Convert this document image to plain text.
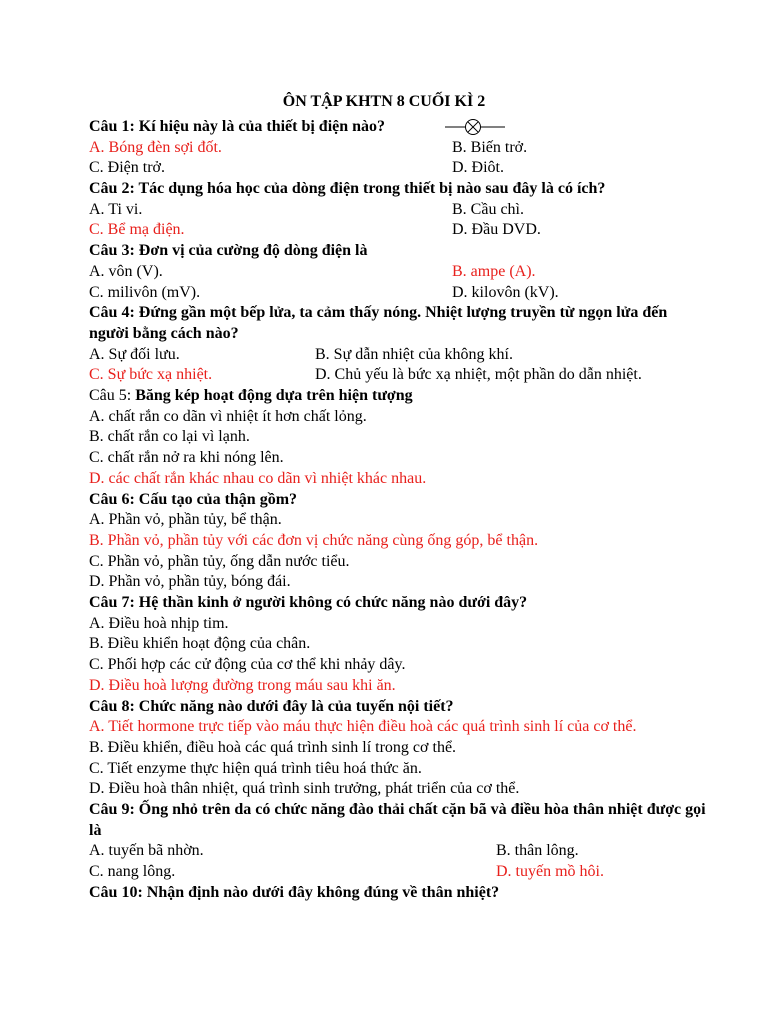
ÔN TẬP KHTN 8 CUỐI KÌ 2
Câu 1: Kí hiệu này là của thiết bị điện nào?
A. Bóng đèn sợi đốt.	B. Biến trở.
C. Điện trở.	D. Điôt.
Câu 2: Tác dụng hóa học của dòng điện trong thiết bị nào sau đây là có ích?
A. Ti vi.	B. Cầu chì.
C. Bể mạ điện.	D. Đầu DVD.
Câu 3: Đơn vị của cường độ dòng điện là
A. vôn (V).	B. ampe (A).
C. milivôn (mV).	D. kilovôn (kV).
Câu 4: Đứng gần một bếp lửa, ta cảm thấy nóng. Nhiệt lượng truyền từ ngọn lửa đến người bằng cách nào?
A. Sự đối lưu.	B. Sự dẫn nhiệt của không khí.
C. Sự bức xạ nhiệt.	D. Chủ yếu là bức xạ nhiệt, một phần do dẫn nhiệt.
Câu 5: Băng kép hoạt động dựa trên hiện tượng
A. chất rắn co dãn vì nhiệt ít hơn chất lỏng.
B. chất rắn co lại vì lạnh.
C. chất rắn nở ra khi nóng lên.
D. các chất rắn khác nhau co dãn vì nhiệt khác nhau.
Câu 6: Cấu tạo của thận gồm?
A. Phần vỏ, phần tủy, bể thận.
B. Phần vỏ, phần tủy với các đơn vị chức năng cùng ống góp, bể thận.
C. Phần vỏ, phần tủy, ống dẫn nước tiểu.
D. Phần vỏ, phần tủy, bóng đái.
Câu 7: Hệ thần kinh ở người không có chức năng nào dưới đây?
A. Điều hoà nhịp tim.
B. Điều khiển hoạt động của chân.
C. Phối hợp các cử động của cơ thể khi nhảy dây.
D. Điều hoà lượng đường trong máu sau khi ăn.
Câu 8: Chức năng nào dưới đây là của tuyến nội tiết?
A. Tiết hormone trực tiếp vào máu thực hiện điều hoà các quá trình sinh lí của cơ thể.
B. Điều khiển, điều hoà các quá trình sinh lí trong cơ thể.
C. Tiết enzyme thực hiện quá trình tiêu hoá thức ăn.
D. Điều hoà thân nhiệt, quá trình sinh trưởng, phát triển của cơ thể.
Câu 9: Ống nhỏ trên da có chức năng đào thải chất cặn bã và điều hòa thân nhiệt được gọi là
A. tuyến bã nhờn.	B. thân lông.
C. nang lông.	D. tuyến mồ hôi.
Câu 10: Nhận định nào dưới đây không đúng về thân nhiệt?
